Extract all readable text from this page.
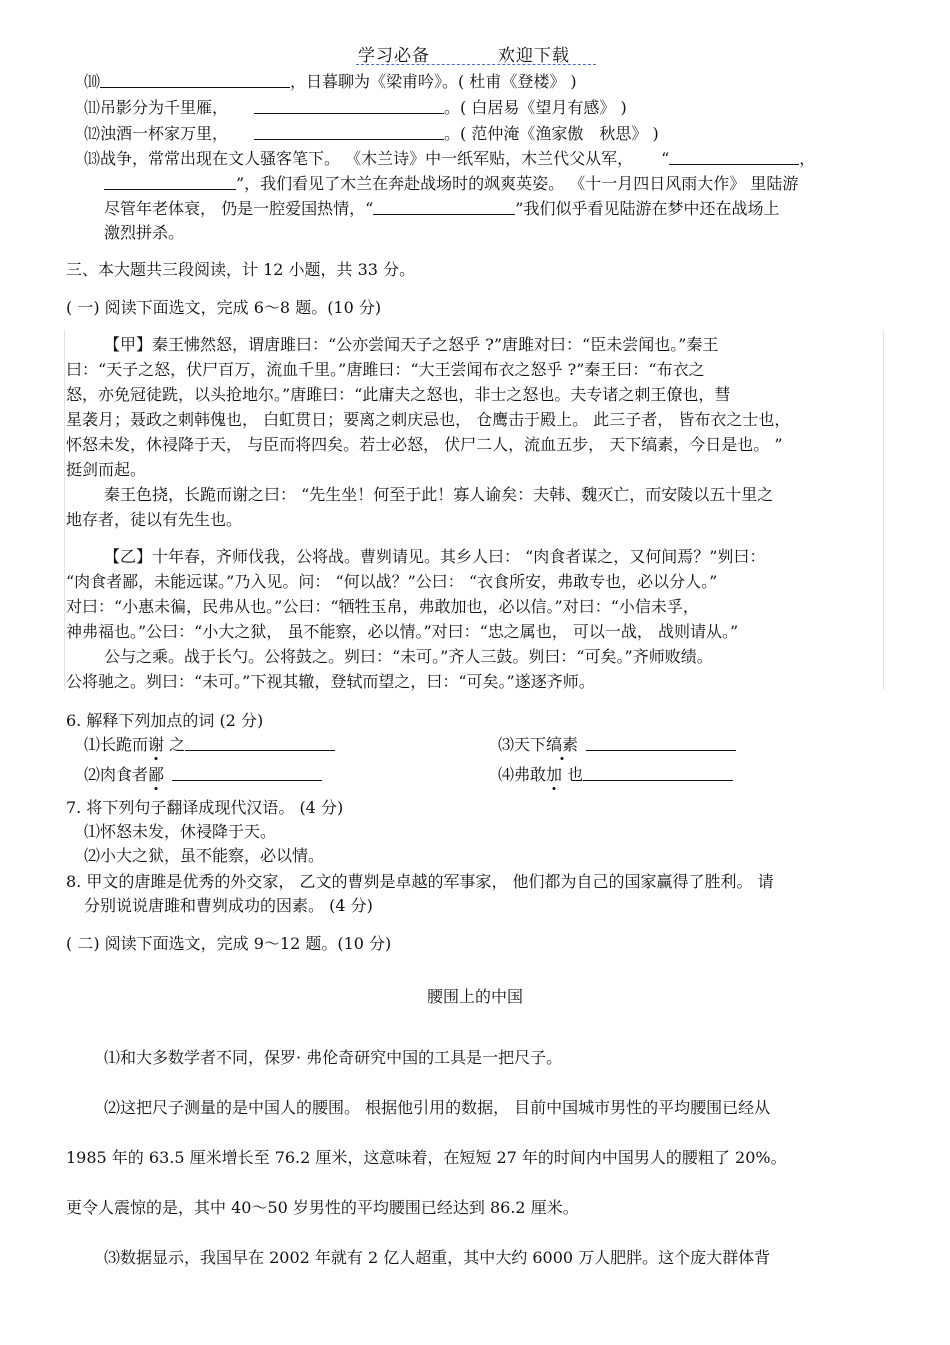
学习必备	欢迎下载
⑽	，日暮聊为《梁甫吟》。( 杜甫《登楼》 )
⑾吊影分为千里雁，	。( 白居易《望月有感》 )
⑿浊酒一杯家万里，	。( 范仲淹《渔家傲　秋思》 )
⒀战争，常常出现在文人骚客笔下。 《木兰诗》中一纸军贴，木兰代父从军， “	，
”，我们看见了木兰在奔赴战场时的飒爽英姿。 《十一月四日风雨大作》 里陆游
尽管年老体衰， 仍是一腔爱国热情，“	”我们似乎看见陆游在梦中还在战场上
激烈拼杀。
三、本大题共三段阅读，计 12 小题，共 33 分。
( 一) 阅读下面选文，完成 6～8 题。(10 分)
【甲】秦王怫然怒，谓唐雎曰：“公亦尝闻天子之怒乎 ?”唐雎对曰：“臣未尝闻也。”秦王
曰：“天子之怒，伏尸百万，流血千里。”唐雎曰：“大王尝闻布衣之怒乎 ?”秦王曰：“布衣之
怒，亦免冠徒跣，以头抢地尔。”唐雎曰：“此庸夫之怒也，非士之怒也。夫专诸之刺王僚也，彗
星袭月；聂政之刺韩傀也， 白虹贯日；要离之刺庆忌也， 仓鹰击于殿上。 此三子者， 皆布衣之士也，
怀怒未发，休祲降于天， 与臣而将四矣。若士必怒， 伏尸二人，流血五步， 天下缟素，今日是也。 ”
挺剑而起。
秦王色挠，长跪而谢之曰： “先生坐！何至于此！寡人谕矣：夫韩、魏灭亡，而安陵以五十里之
地存者，徒以有先生也。
【乙】十年春，齐师伐我，公将战。曹刿请见。其乡人曰： “肉食者谋之，又何间焉？”刿曰：
“肉食者鄙，未能远谋。”乃入见。问： “何以战？”公曰： “衣食所安，弗敢专也，必以分人。”
对曰：“小惠未徧，民弗从也。”公曰：“牺牲玉帛，弗敢加也，必以信。”对曰：“小信未孚，
神弗福也。”公曰：“小大之狱， 虽不能察，必以情。”对曰：“忠之属也， 可以一战， 战则请从。”
公与之乘。战于长勺。公将鼓之。刿曰：“未可。”齐人三鼓。刿曰：“可矣。”齐师败绩。
公将驰之。刿曰：“未可。”下视其辙，登轼而望之，曰：“可矣。”遂逐齐师。
6. 解释下列加点的词 (2 分)
⑴长跪而谢 之	⑶天下缟素
⑵肉食者鄙	⑷弗敢加 也
7. 将下列句子翻译成现代汉语。 (4 分)
⑴怀怒未发，休祲降于天。
⑵小大之狱，虽不能察，必以情。
8. 甲文的唐雎是优秀的外交家， 乙文的曹刿是卓越的军事家， 他们都为自己的国家赢得了胜利。 请
分别说说唐雎和曹刿成功的因素。 (4 分)
( 二) 阅读下面选文，完成 9～12 题。(10 分)
腰围上的中国
⑴和大多数学者不同，保罗· 弗伦奇研究中国的工具是一把尺子。
⑵这把尺子测量的是中国人的腰围。 根据他引用的数据， 目前中国城市男性的平均腰围已经从
1985 年的 63.5 厘米增长至 76.2 厘米，这意味着，在短短 27 年的时间内中国男人的腰粗了 20%。
更令人震惊的是，其中 40～50 岁男性的平均腰围已经达到 86.2 厘米。
⑶数据显示，我国早在 2002 年就有 2 亿人超重，其中大约 6000 万人肥胖。这个庞大群体背
